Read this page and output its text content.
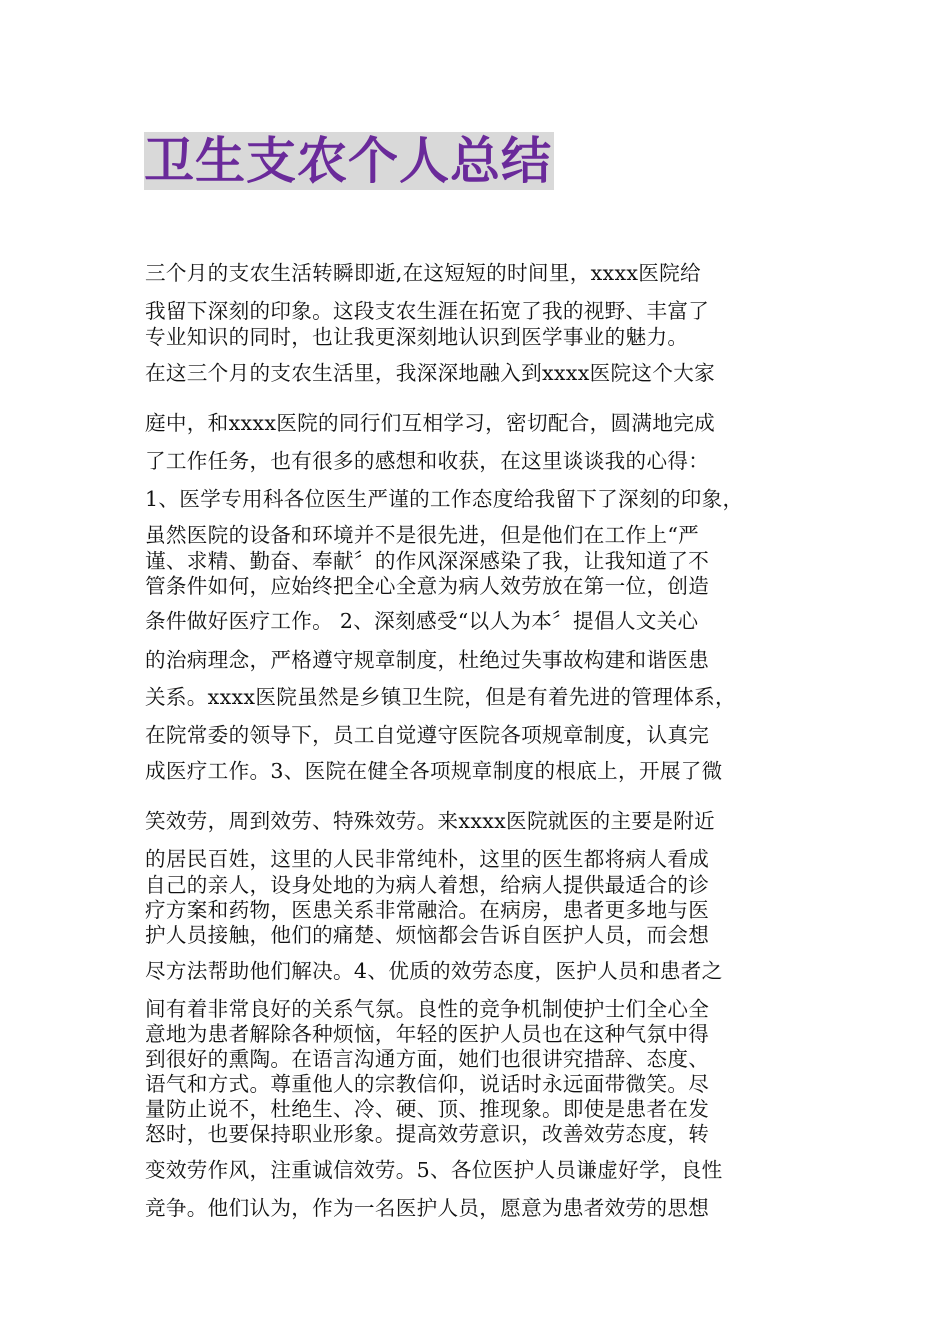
卫生支农个人总结
三个月的支农生活转瞬即逝,在这短短的时间里，xxxx医院给
我留下深刻的印象。这段支农生涯在拓宽了我的视野、丰富了
专业知识的同时，也让我更深刻地认识到医学事业的魅力。
在这三个月的支农生活里，我深深地融入到xxxx医院这个大家
庭中，和xxxx医院的同行们互相学习，密切配合，圆满地完成
了工作任务，也有很多的感想和收获，在这里谈谈我的心得：
1、医学专用科各位医生严谨的工作态度给我留下了深刻的印象，
虽然医院的设备和环境并不是很先进，但是他们在工作上“严
谨、求精、勤奋、奉献〞的作风深深感染了我，让我知道了不
管条件如何，应始终把全心全意为病人效劳放在第一位，创造
条件做好医疗工作。 2、深刻感受“以人为本〞提倡人文关心
的治病理念，严格遵守规章制度，杜绝过失事故构建和谐医患
关系。xxxx医院虽然是乡镇卫生院，但是有着先进的管理体系，
在院常委的领导下，员工自觉遵守医院各项规章制度，认真完
成医疗工作。3、医院在健全各项规章制度的根底上，开展了微
笑效劳，周到效劳、特殊效劳。来xxxx医院就医的主要是附近
的居民百姓，这里的人民非常纯朴，这里的医生都将病人看成
自己的亲人，设身处地的为病人着想，给病人提供最适合的诊
疗方案和药物，医患关系非常融洽。在病房，患者更多地与医
护人员接触，他们的痛楚、烦恼都会告诉自医护人员，而会想
尽方法帮助他们解决。4、优质的效劳态度，医护人员和患者之
间有着非常良好的关系气氛。良性的竞争机制使护士们全心全
意地为患者解除各种烦恼，年轻的医护人员也在这种气氛中得
到很好的熏陶。在语言沟通方面，她们也很讲究措辞、态度、
语气和方式。尊重他人的宗教信仰，说话时永远面带微笑。尽
量防止说不，杜绝生、冷、硬、顶、推现象。即使是患者在发
怒时，也要保持职业形象。提高效劳意识，改善效劳态度，转
变效劳作风，注重诚信效劳。5、各位医护人员谦虚好学，良性
竞争。他们认为，作为一名医护人员，愿意为患者效劳的思想
